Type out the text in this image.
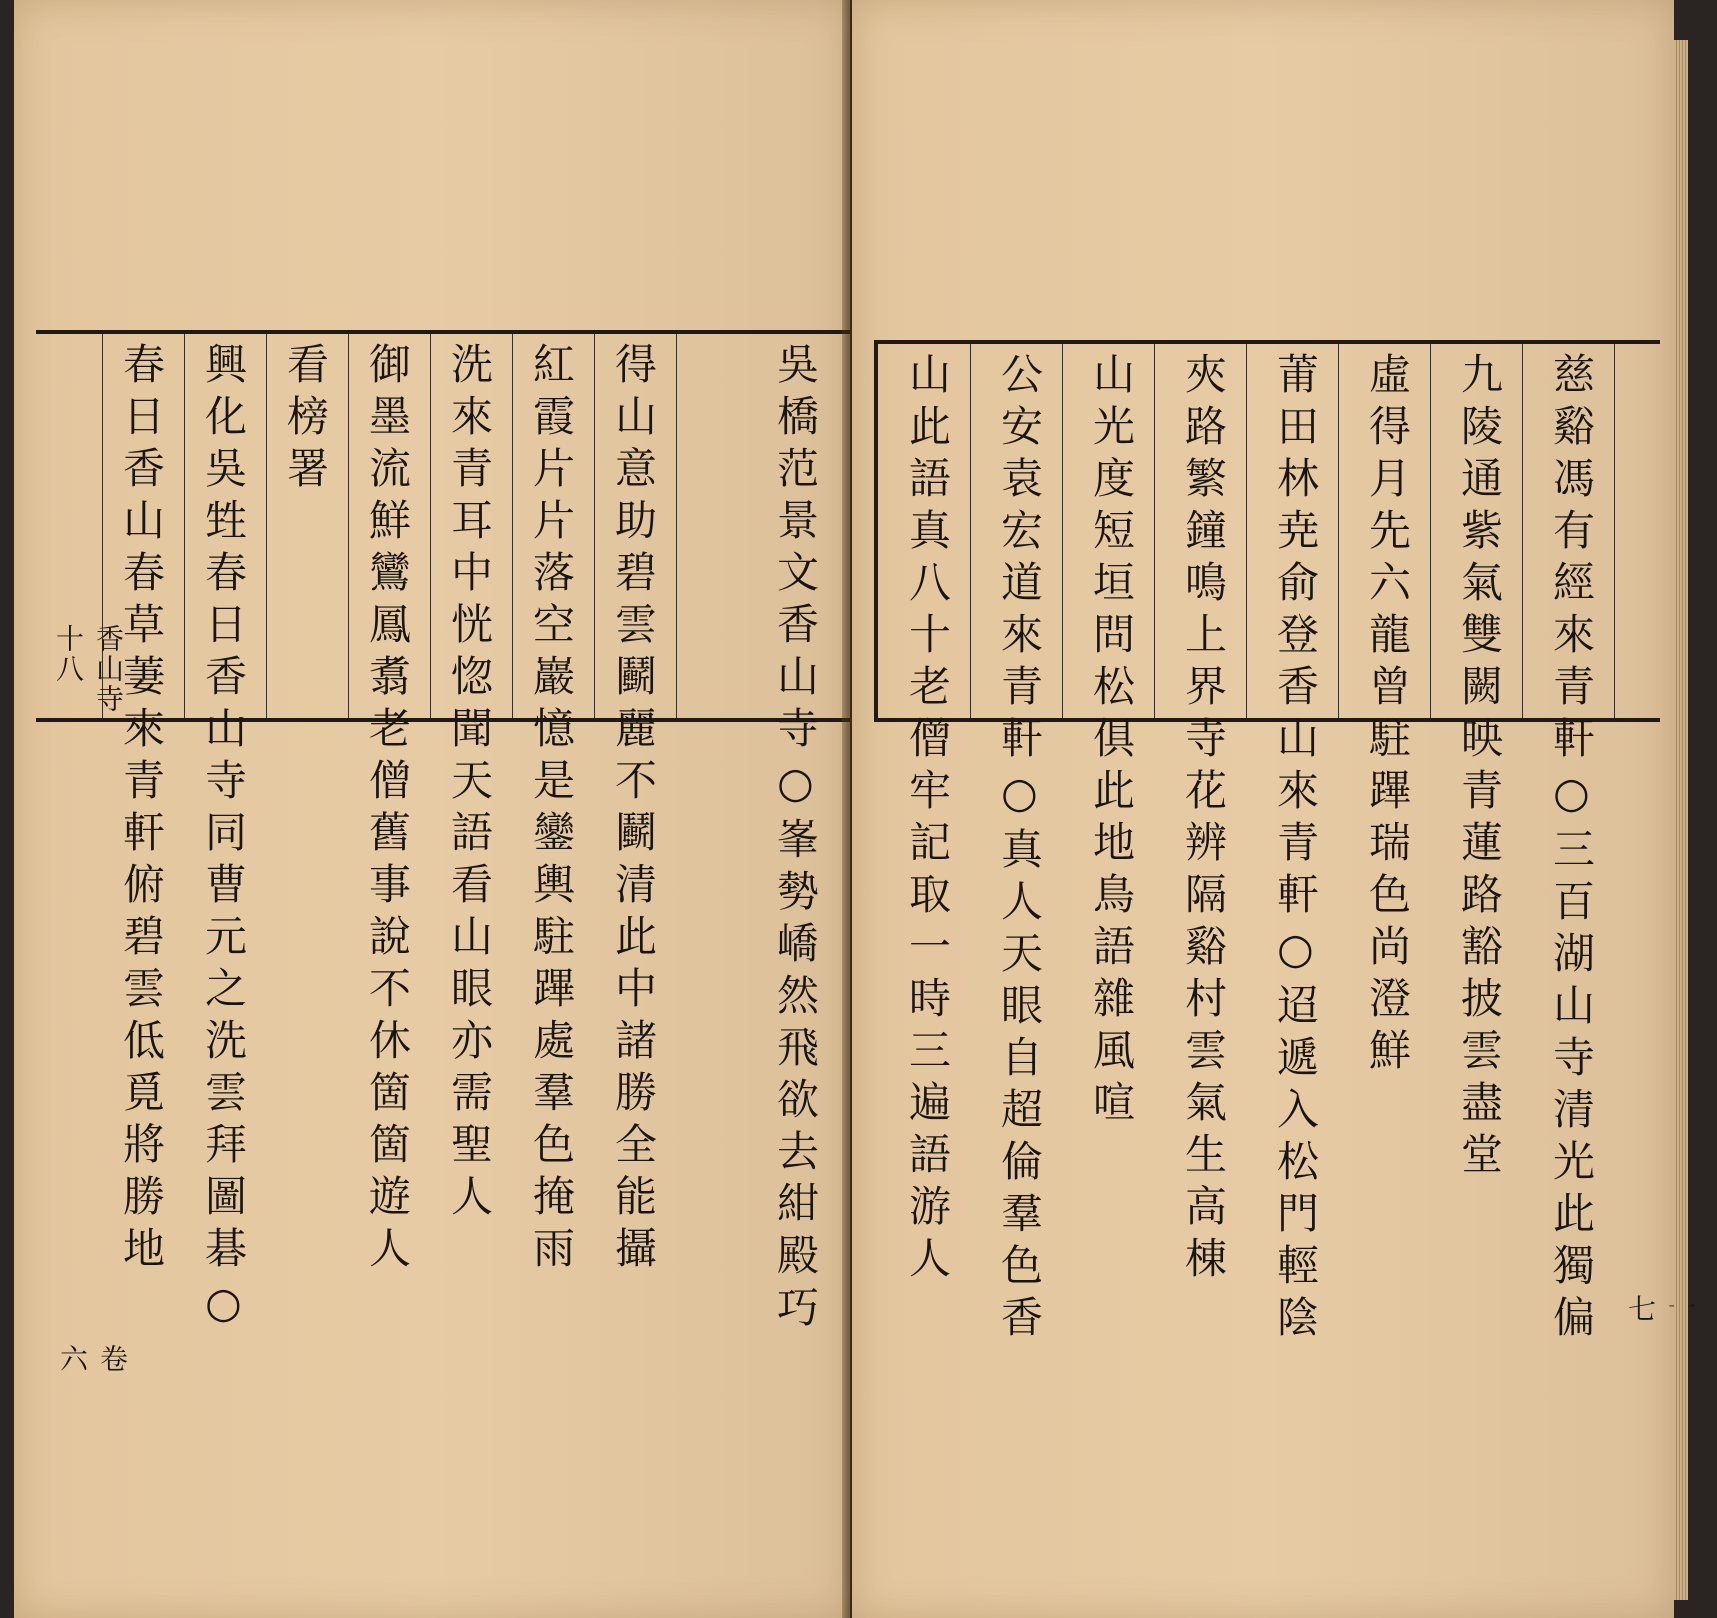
吳橋范景文香山寺○峯勢嶠然飛欲去紺殿巧
得山意助碧雲鬬麗不鬬清此中諸勝全能攝
紅霞片片落空巖憶是鑾輿駐蹕處羣色掩雨
洗來青耳中恍惚聞天語看山眼亦需聖人
御墨流鮮鸞鳳翥老僧舊事說不休箇箇遊人
看榜署
興化吳甡春日香山寺同曹元之洗雲拜圖碁○
春日香山春草萋來青軒俯碧雲低覓將勝地
香山寺十八
卷六
山此語真八十老僧牢記取一時三遍語游人	公安袁宏道來青軒○真人天眼自超倫羣色香	山光度短垣問松俱此地鳥語雜風喧	夾路繁鐘鳴上界寺花辨隔谿村雲氣生高棟	莆田林尭俞登香山來青軒○迢遞入松門輕陰	虛得月先六龍曾駐蹕瑞色尚澄鮮	九陵通紫氣雙闕映青蓮路豁披雲盡堂	慈谿馮有經來青軒○三百湖山寺清光此獨偏	七
